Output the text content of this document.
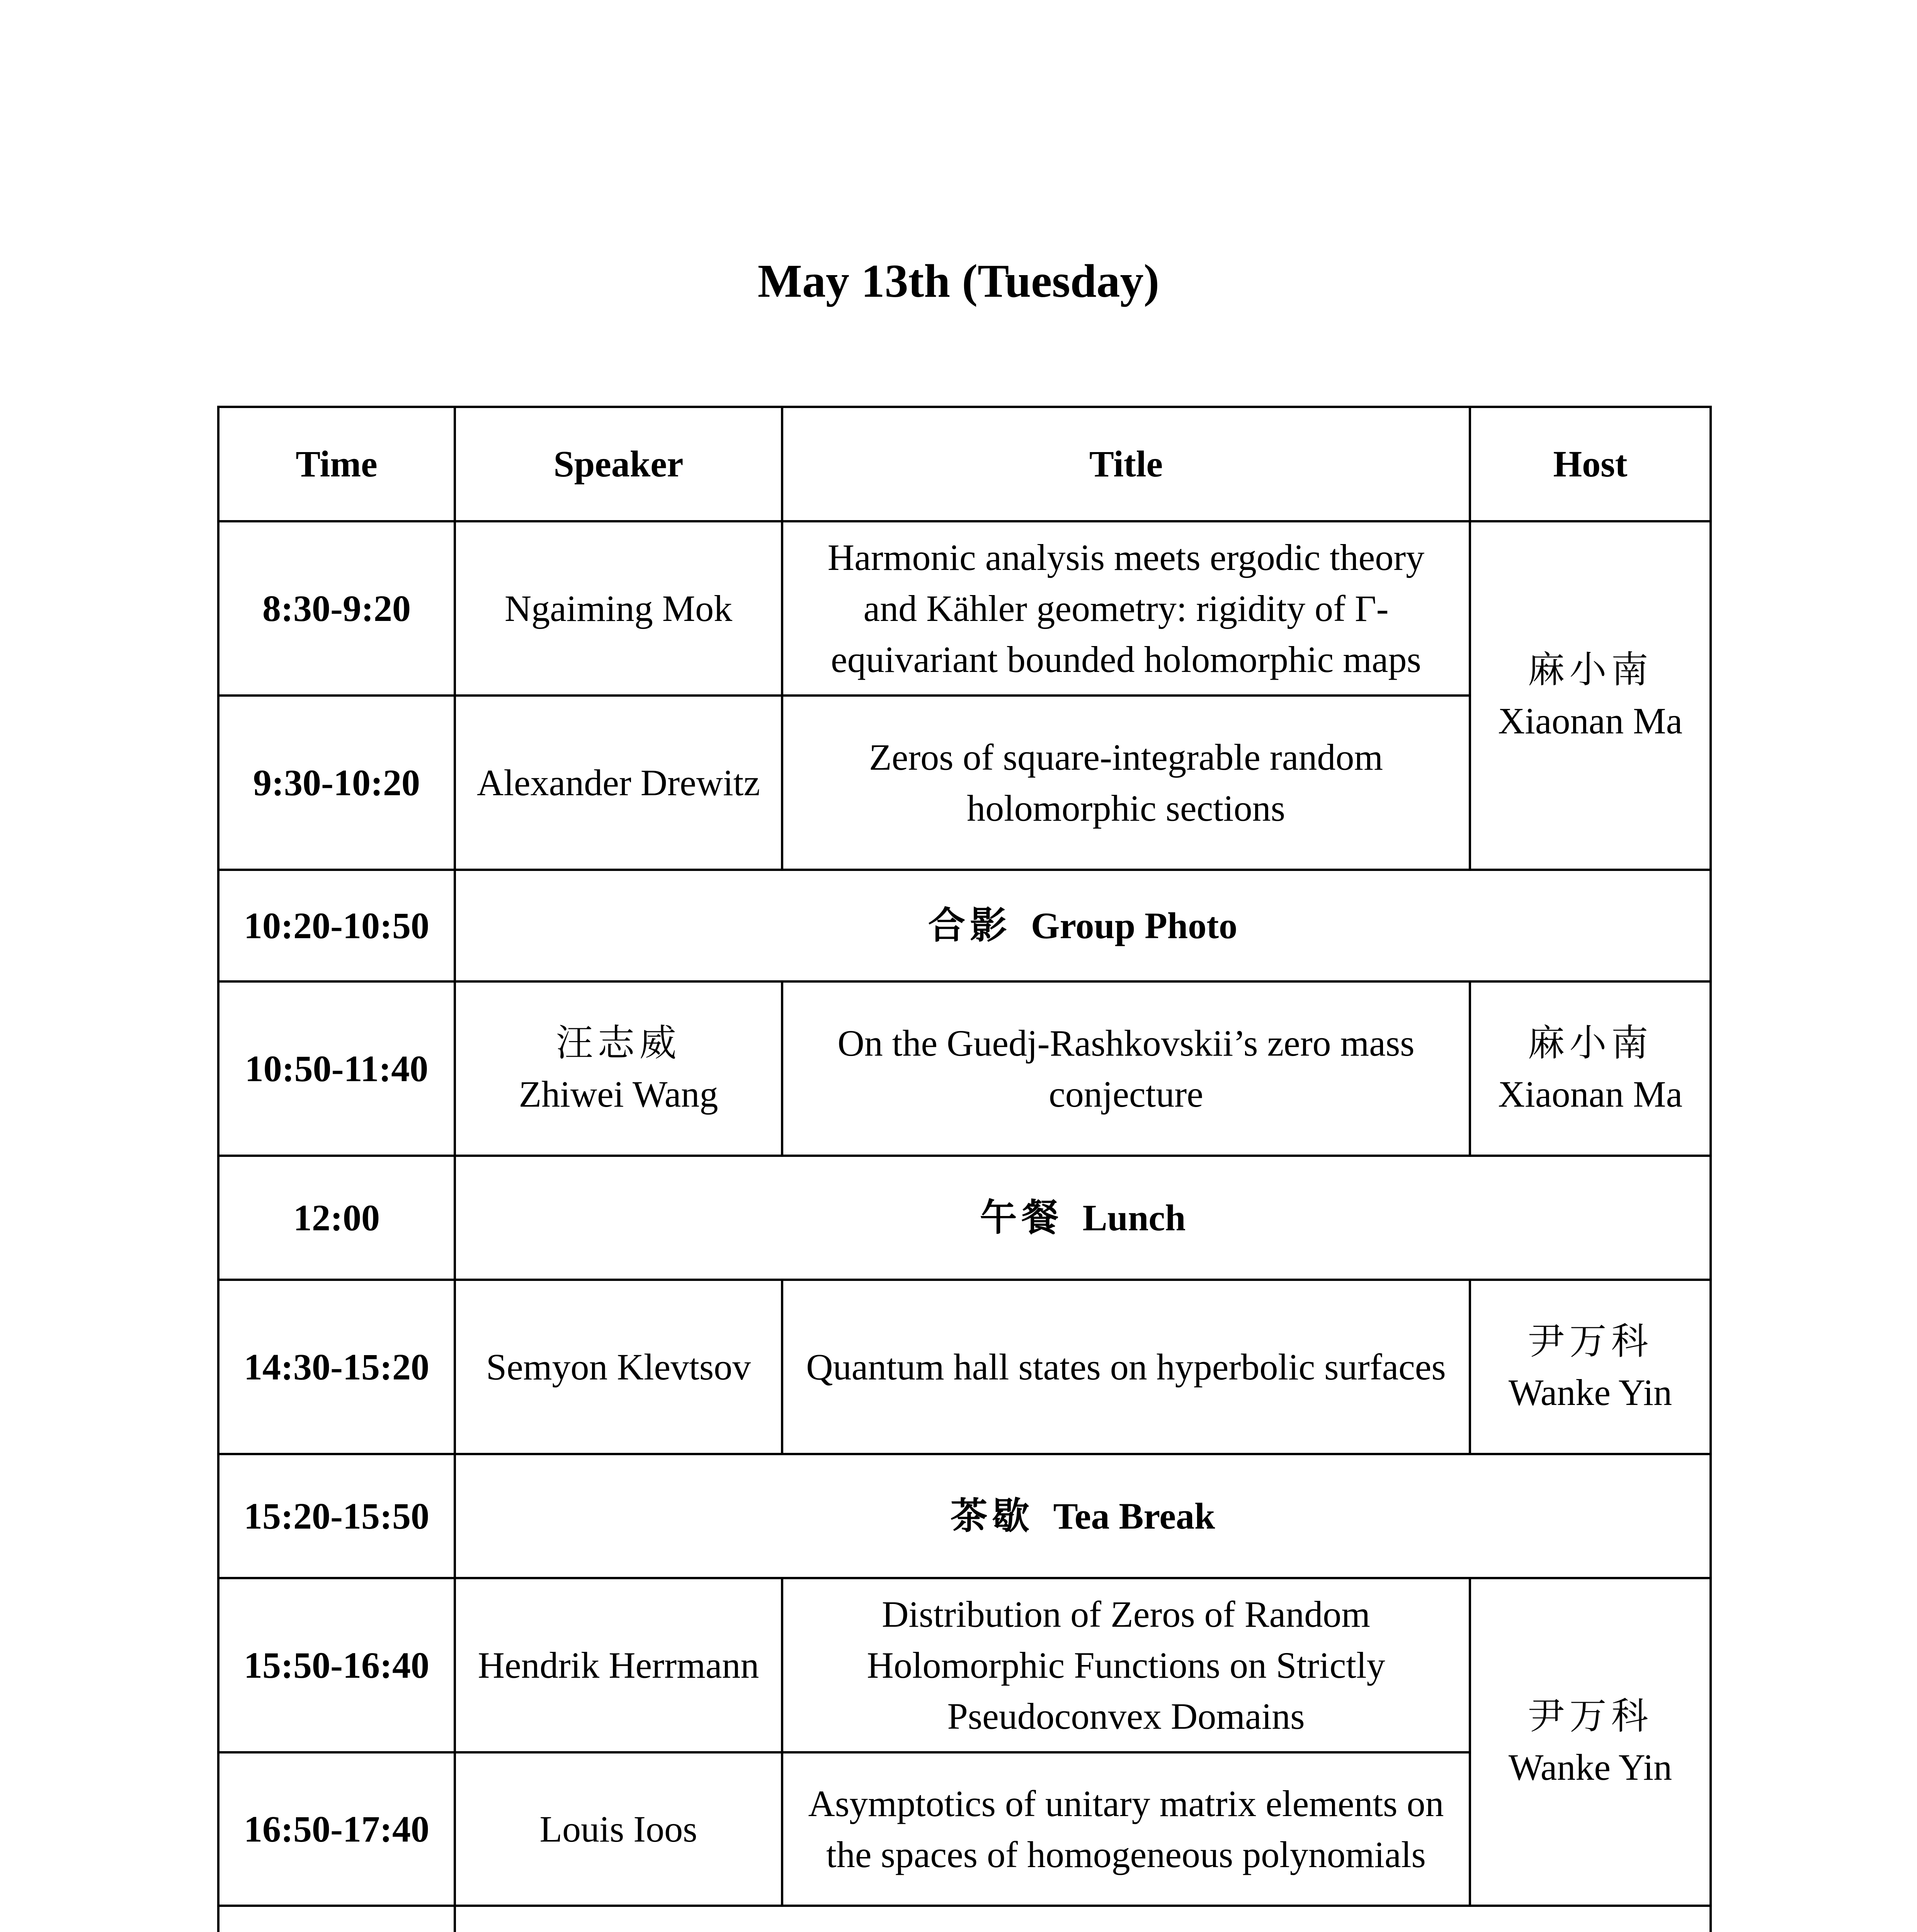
May 13th (Tuesday)
Time	Speaker	Title	Host
8:30-9:20	Ngaiming Mok	Harmonic analysis meets ergodic theory and Kähler geometry: rigidity of Γ-equivariant bounded holomorphic maps	麻小南
Xiaonan Ma

9:30-10:20	Alexander Drewitz	Zeros of square-integrable random holomorphic sections	
10:20-10:50	合影 Group Photo		
10:50-11:40	汪志威
Zhiwei Wang	On the Guedj-Rashkovskii’s zero mass conjecture	麻小南
Xiaonan Ma

12:00	午餐 Lunch		
14:30-15:20	Semyon Klevtsov	Quantum hall states on hyperbolic surfaces	尹万科
Wanke Yin

15:20-15:50	茶歇 Tea Break		
15:50-16:40	Hendrik Herrmann	Distribution of Zeros of Random Holomorphic Functions on Strictly Pseudoconvex Domains	尹万科
Wanke Yin

16:50-17:40	Louis Ioos	Asymptotics of unitary matrix elements on the spaces of homogeneous polynomials	
